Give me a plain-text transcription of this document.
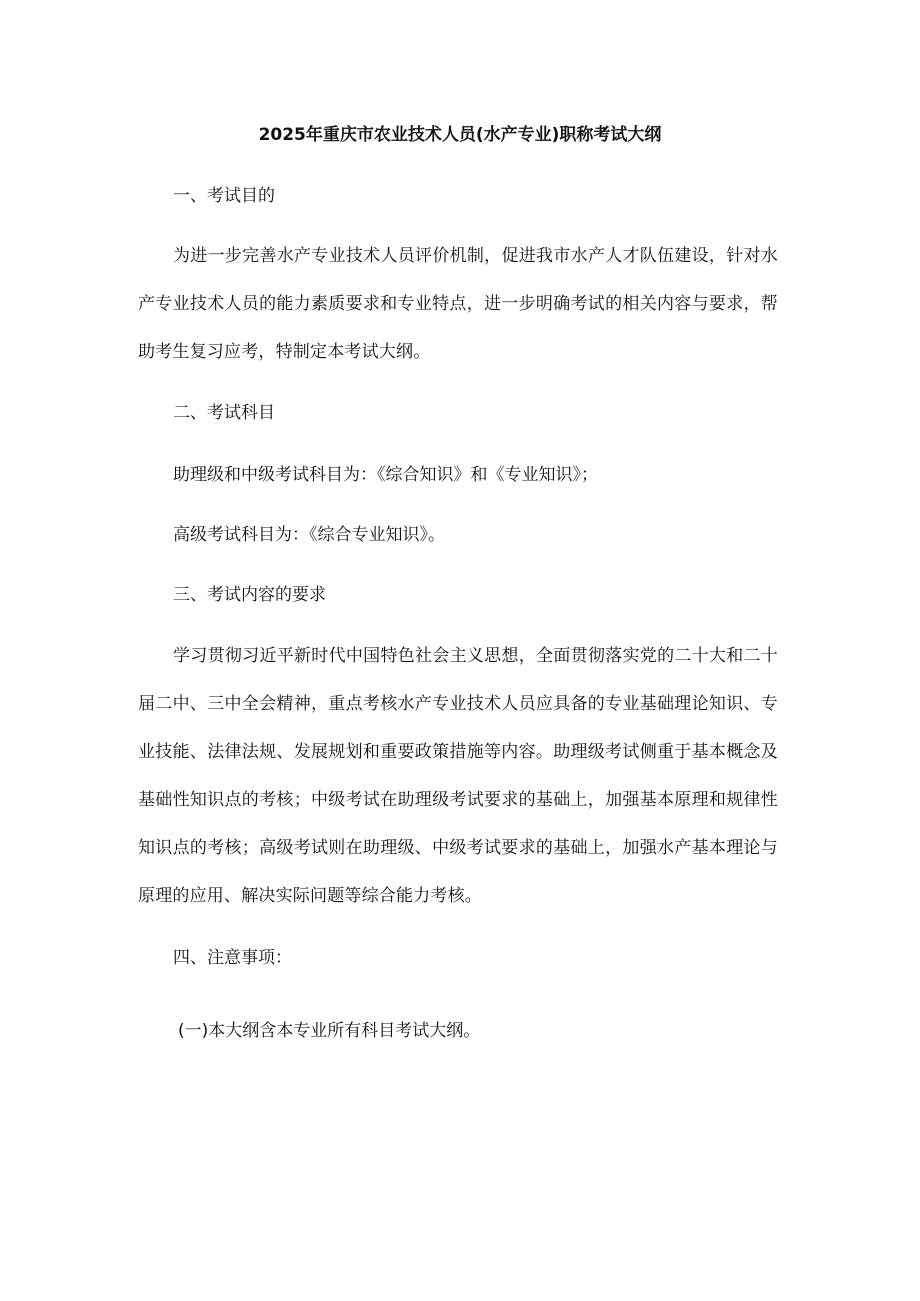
2025年重庆市农业技术人员(水产专业)职称考试大纲
一、考试目的
为进一步完善水产专业技术人员评价机制，促进我市水产人才队伍建设，针对水产专业技术人员的能力素质要求和专业特点，进一步明确考试的相关内容与要求，帮助考生复习应考，特制定本考试大纲。
二、考试科目
助理级和中级考试科目为：《综合知识》和《专业知识》；
高级考试科目为：《综合专业知识》。
三、考试内容的要求
学习贯彻习近平新时代中国特色社会主义思想，全面贯彻落实党的二十大和二十届二中、三中全会精神，重点考核水产专业技术人员应具备的专业基础理论知识、专业技能、法律法规、发展规划和重要政策措施等内容。助理级考试侧重于基本概念及基础性知识点的考核；中级考试在助理级考试要求的基础上，加强基本原理和规律性知识点的考核；高级考试则在助理级、中级考试要求的基础上，加强水产基本理论与原理的应用、解决实际问题等综合能力考核。
四、注意事项：
(一)本大纲含本专业所有科目考试大纲。
